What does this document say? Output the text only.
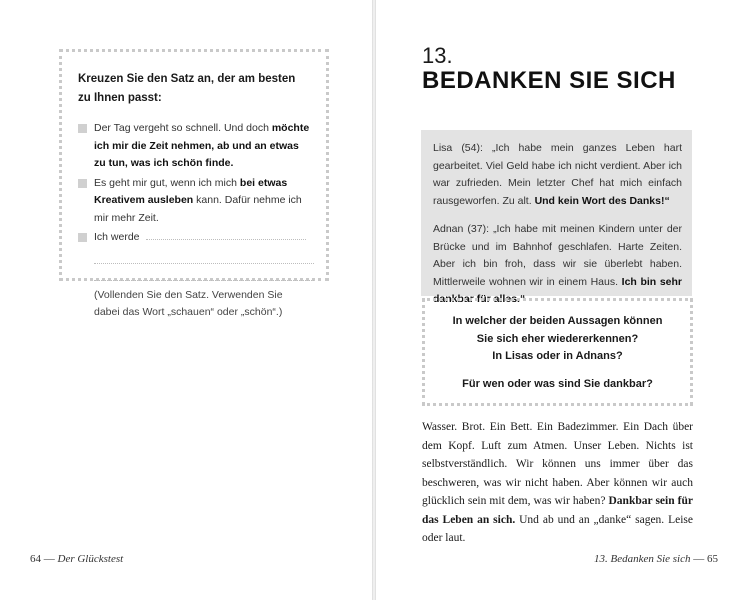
Kreuzen Sie den Satz an, der am besten zu Ihnen passt:

Der Tag vergeht so schnell. Und doch möchte ich mir die Zeit nehmen, ab und an etwas zu tun, was ich schön finde.
Es geht mir gut, wenn ich mich bei etwas Kreativem ausleben kann. Dafür nehme ich mir mehr Zeit.
Ich werde

(Vollenden Sie den Satz. Verwenden Sie dabei das Wort „schauen“ oder „schön“.)

64 — Der Glückstest
13.
BEDANKEN SIE SICH

Lisa (54): „Ich habe mein ganzes Leben hart gearbeitet. Viel Geld habe ich nicht verdient. Aber ich war zufrieden. Mein letzter Chef hat mich einfach rausgeworfen. Zu alt. Und kein Wort des Danks!“

Adnan (37): „Ich habe mit meinen Kindern unter der Brücke und im Bahnhof geschlafen. Harte Zeiten. Aber ich bin froh, dass wir sie überlebt haben. Mittlerweile wohnen wir in einem Haus. Ich bin sehr dankbar für alles.“

In welcher der beiden Aussagen können

Sie sich eher wiedererkennen?

In Lisas oder in Adnans?

Für wen oder was sind Sie dankbar?

Wasser. Brot. Ein Bett. Ein Badezimmer. Ein Dach über dem Kopf. Luft zum Atmen. Unser Leben. Nichts ist selbstverständlich. Wir können uns immer über das beschweren, was wir nicht haben. Aber können wir auch glücklich sein mit dem, was wir haben? Dankbar sein für das Leben an sich. Und ab und an „danke“ sagen. Leise oder laut.

13. Bedanken Sie sich — 65
